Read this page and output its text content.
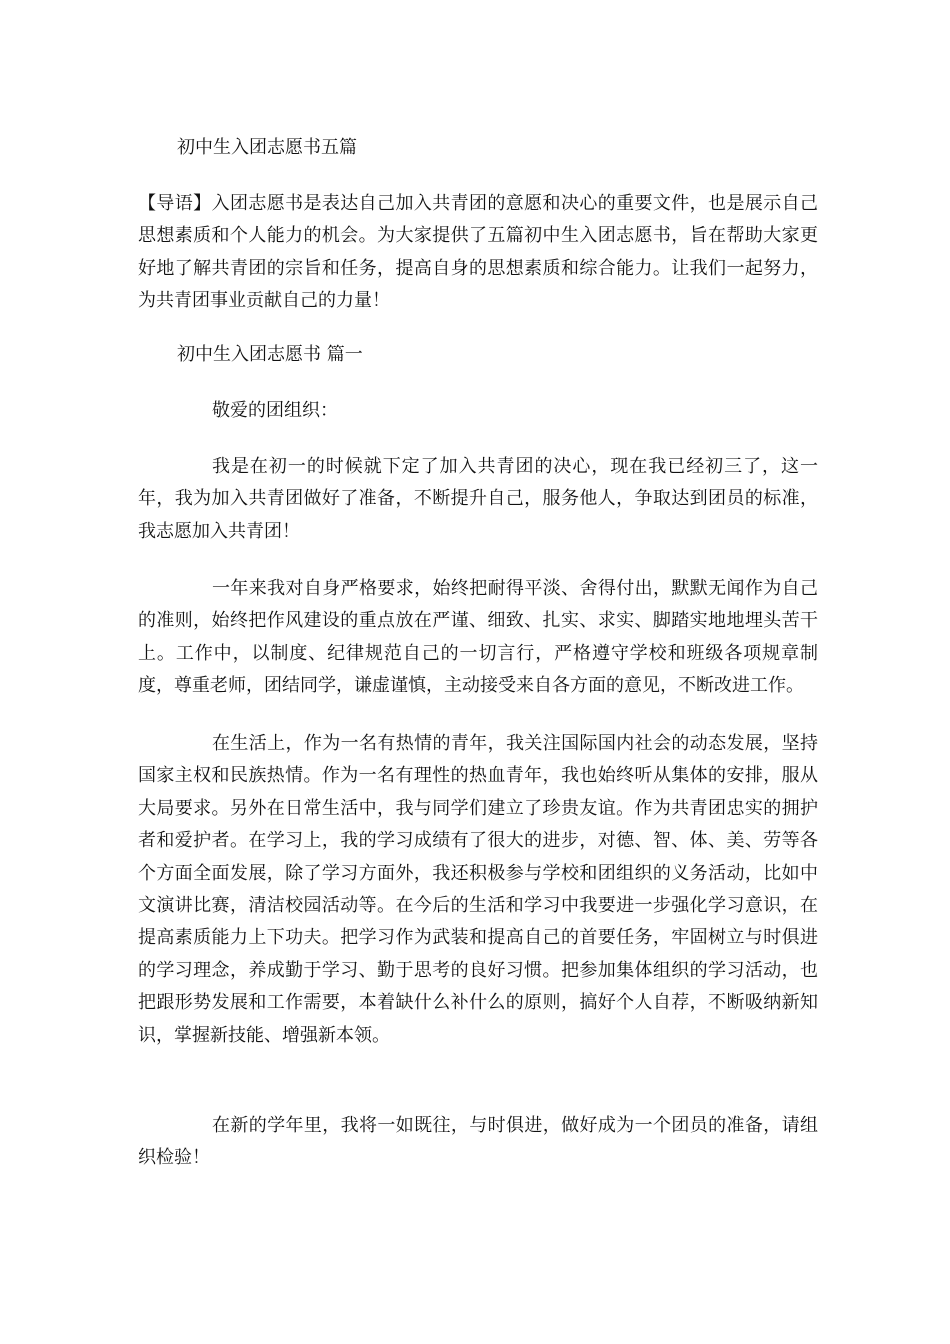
初中生入团志愿书五篇

【导语】入团志愿书是表达自己加入共青团的意愿和决心的重要文件，也是展示自己思想素质和个人能力的机会。为大家提供了五篇初中生入团志愿书，旨在帮助大家更好地了解共青团的宗旨和任务，提高自身的思想素质和综合能力。让我们一起努力，为共青团事业贡献自己的力量！

初中生入团志愿书 篇一
敬爱的团组织：

我是在初一的时候就下定了加入共青团的决心，现在我已经初三了，这一年，我为加入共青团做好了准备，不断提升自己，服务他人，争取达到团员的标准，我志愿加入共青团！

一年来我对自身严格要求，始终把耐得平淡、舍得付出，默默无闻作为自己的准则，始终把作风建设的重点放在严谨、细致、扎实、求实、脚踏实地地埋头苦干上。工作中，以制度、纪律规范自己的一切言行，严格遵守学校和班级各项规章制度，尊重老师，团结同学，谦虚谨慎，主动接受来自各方面的意见，不断改进工作。

在生活上，作为一名有热情的青年，我关注国际国内社会的动态发展，坚持国家主权和民族热情。作为一名有理性的热血青年，我也始终听从集体的安排，服从大局要求。另外在日常生活中，我与同学们建立了珍贵友谊。作为共青团忠实的拥护者和爱护者。在学习上，我的学习成绩有了很大的进步，对德、智、体、美、劳等各个方面全面发展，除了学习方面外，我还积极参与学校和团组织的义务活动，比如中文演讲比赛，清洁校园活动等。在今后的生活和学习中我要进一步强化学习意识，在提高素质能力上下功夫。把学习作为武装和提高自己的首要任务，牢固树立与时俱进的学习理念，养成勤于学习、勤于思考的良好习惯。把参加集体组织的学习活动，也把跟形势发展和工作需要，本着缺什么补什么的原则，搞好个人自荐，不断吸纳新知识，掌握新技能、增强新本领。

在新的学年里，我将一如既往，与时俱进，做好成为一个团员的准备，请组织检验！
